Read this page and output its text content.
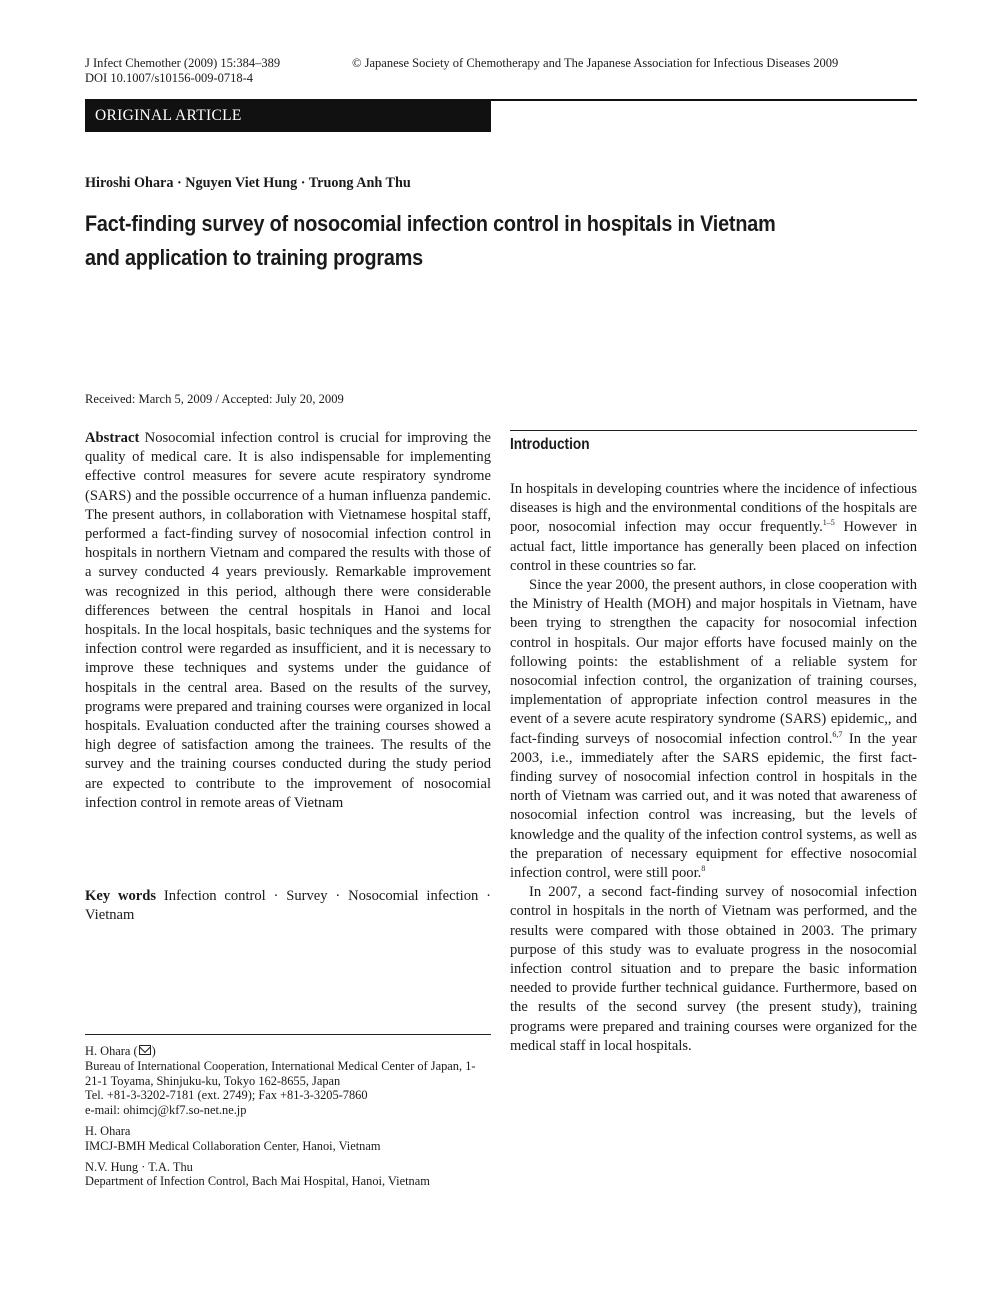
J Infect Chemother (2009) 15:384–389
DOI 10.1007/s10156-009-0718-4
© Japanese Society of Chemotherapy and The Japanese Association for Infectious Diseases 2009
ORIGINAL ARTICLE
Hiroshi Ohara · Nguyen Viet Hung · Truong Anh Thu
Fact-finding survey of nosocomial infection control in hospitals in Vietnam
and application to training programs
Received: March 5, 2009 / Accepted: July 20, 2009
Abstract Nosocomial infection control is crucial for improving the quality of medical care. It is also indispensable for implementing effective control measures for severe acute respiratory syndrome (SARS) and the possible occurrence of a human influenza pandemic. The present authors, in collaboration with Vietnamese hospital staff, performed a fact-finding survey of nosocomial infection control in hospitals in northern Vietnam and compared the results with those of a survey conducted 4 years previously. Remarkable improvement was recognized in this period, although there were considerable differences between the central hospitals in Hanoi and local hospitals. In the local hospitals, basic techniques and the systems for infection control were regarded as insufficient, and it is necessary to improve these techniques and systems under the guidance of hospitals in the central area. Based on the results of the survey, programs were prepared and training courses were organized in local hospitals. Evaluation conducted after the training courses showed a high degree of satisfaction among the trainees. The results of the survey and the training courses conducted during the study period are expected to contribute to the improvement of nosocomial infection control in remote areas of Vietnam
Key words Infection control · Survey · Nosocomial infection · Vietnam
H. Ohara ( )
Bureau of International Cooperation, International Medical Center of Japan, 1-21-1 Toyama, Shinjuku-ku, Tokyo 162-8655, Japan
Tel. +81-3-3202-7181 (ext. 2749); Fax +81-3-3205-7860
e-mail: ohimcj@kf7.so-net.ne.jp
H. Ohara
IMCJ-BMH Medical Collaboration Center, Hanoi, Vietnam
N.V. Hung · T.A. Thu
Department of Infection Control, Bach Mai Hospital, Hanoi, Vietnam
Introduction

In hospitals in developing countries where the incidence of infectious diseases is high and the environmental conditions of the hospitals are poor, nosocomial infection may occur frequently.$^{1-5}$ However in actual fact, little importance has generally been placed on infection control in these countries so far.

Since the year 2000, the present authors, in close cooperation with the Ministry of Health (MOH) and major hospitals in Vietnam, have been trying to strengthen the capacity for nosocomial infection control in hospitals. Our major efforts have focused mainly on the following points: the establishment of a reliable system for nosocomial infection control, the organization of training courses, implementation of appropriate infection control measures in the event of a severe acute respiratory syndrome (SARS) epidemic,, and fact-finding surveys of nosocomial infection control.$^{6,7}$ In the year 2003, i.e., immediately after the SARS epidemic, the first fact-finding survey of nosocomial infection control in hospitals in the north of Vietnam was carried out, and it was noted that awareness of nosocomial infection control was increasing, but the levels of knowledge and the quality of the infection control systems, as well as the preparation of necessary equipment for effective nosocomial infection control, were still poor.$^8$

In 2007, a second fact-finding survey of nosocomial infection control in hospitals in the north of Vietnam was performed, and the results were compared with those obtained in 2003. The primary purpose of this study was to evaluate progress in the nosocomial infection control situation and to prepare the basic information needed to provide further technical guidance. Furthermore, based on the results of the second survey (the present study), training programs were prepared and training courses were organized for the medical staff in local hospitals.
